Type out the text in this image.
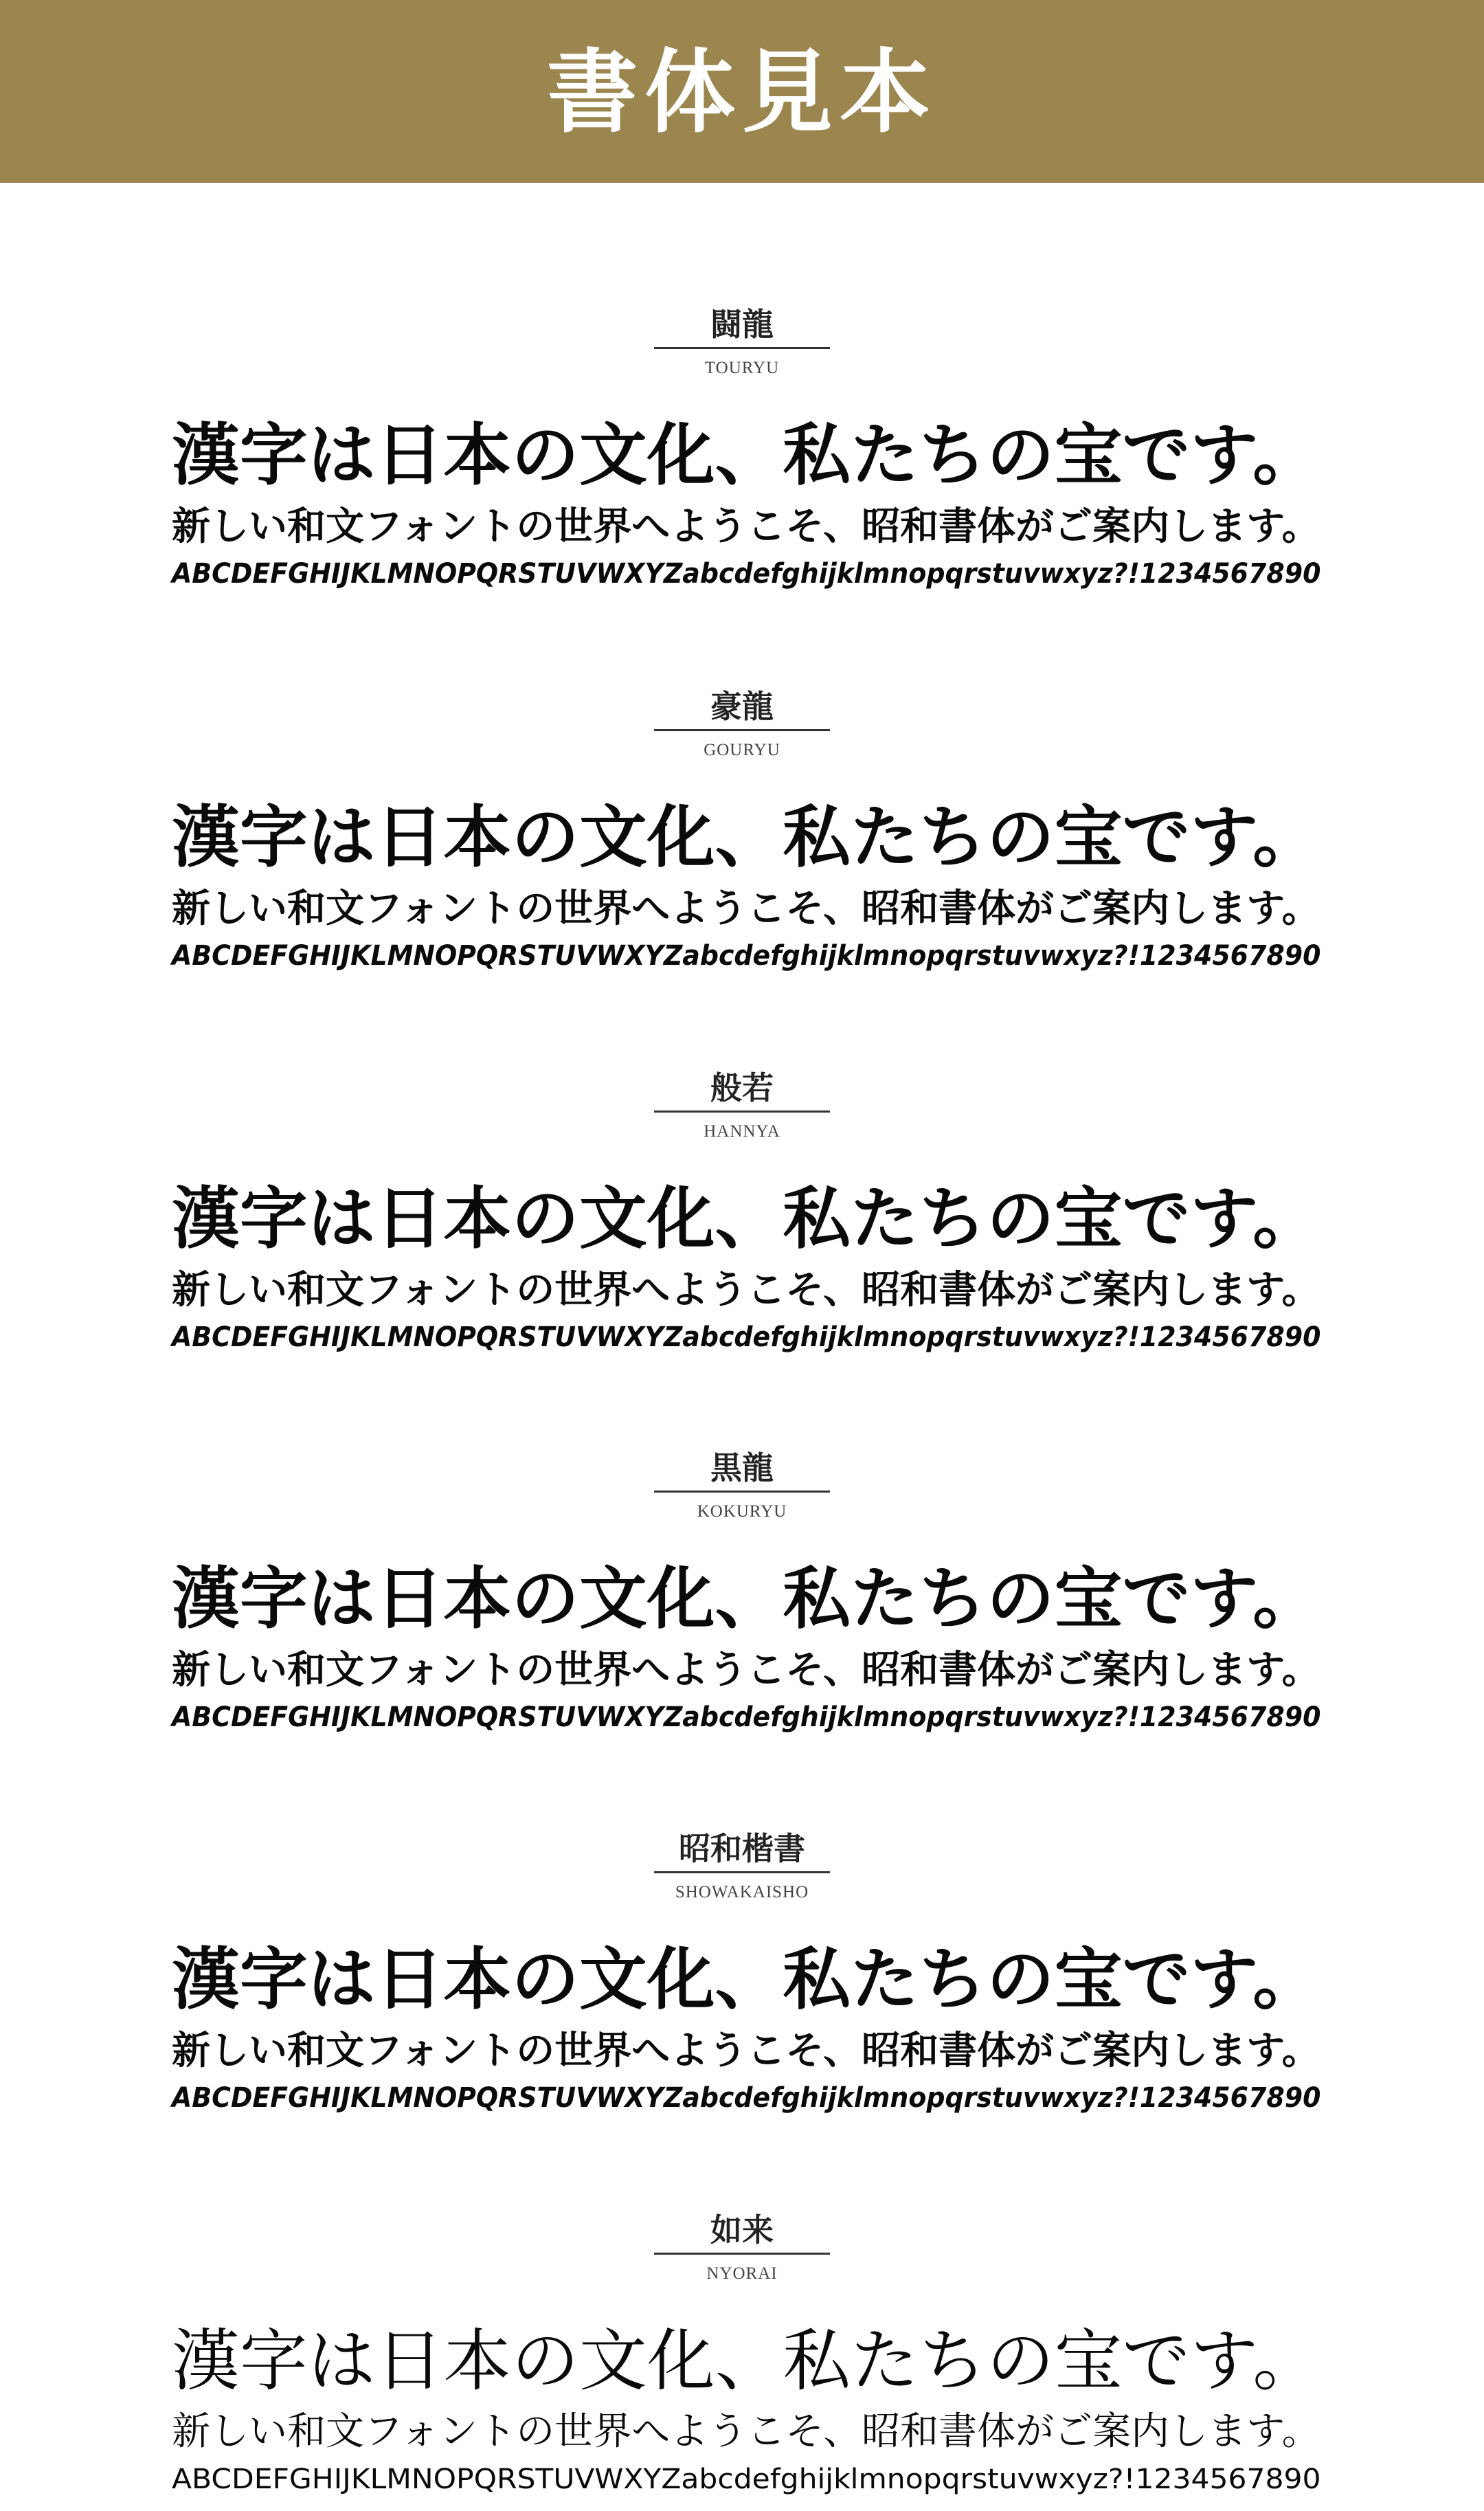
書体見本
闘龍
TOURYU
漢字は日本の文化、私たちの宝です。
新しい和文フォントの世界へようこそ、昭和書体がご案内します。
ABCDEFGHIJKLMNOPQRSTUVWXYZabcdefghijklmnopqrstuvwxyz?!1234567890
豪龍
GOURYU
漢字は日本の文化、私たちの宝です。
新しい和文フォントの世界へようこそ、昭和書体がご案内します。
ABCDEFGHIJKLMNOPQRSTUVWXYZabcdefghijklmnopqrstuvwxyz?!1234567890
般若
HANNYA
漢字は日本の文化、私たちの宝です。
新しい和文フォントの世界へようこそ、昭和書体がご案内します。
ABCDEFGHIJKLMNOPQRSTUVWXYZabcdefghijklmnopqrstuvwxyz?!1234567890
黒龍
KOKURYU
漢字は日本の文化、私たちの宝です。
新しい和文フォントの世界へようこそ、昭和書体がご案内します。
ABCDEFGHIJKLMNOPQRSTUVWXYZabcdefghijklmnopqrstuvwxyz?!1234567890
昭和楷書
SHOWAKAISHO
漢字は日本の文化、私たちの宝です。
新しい和文フォントの世界へようこそ、昭和書体がご案内します。
ABCDEFGHIJKLMNOPQRSTUVWXYZabcdefghijklmnopqrstuvwxyz?!1234567890
如来
NYORAI
漢字は日本の文化、私たちの宝です。
新しい和文フォントの世界へようこそ、昭和書体がご案内します。
ABCDEFGHIJKLMNOPQRSTUVWXYZabcdefghijklmnopqrstuvwxyz?!1234567890
